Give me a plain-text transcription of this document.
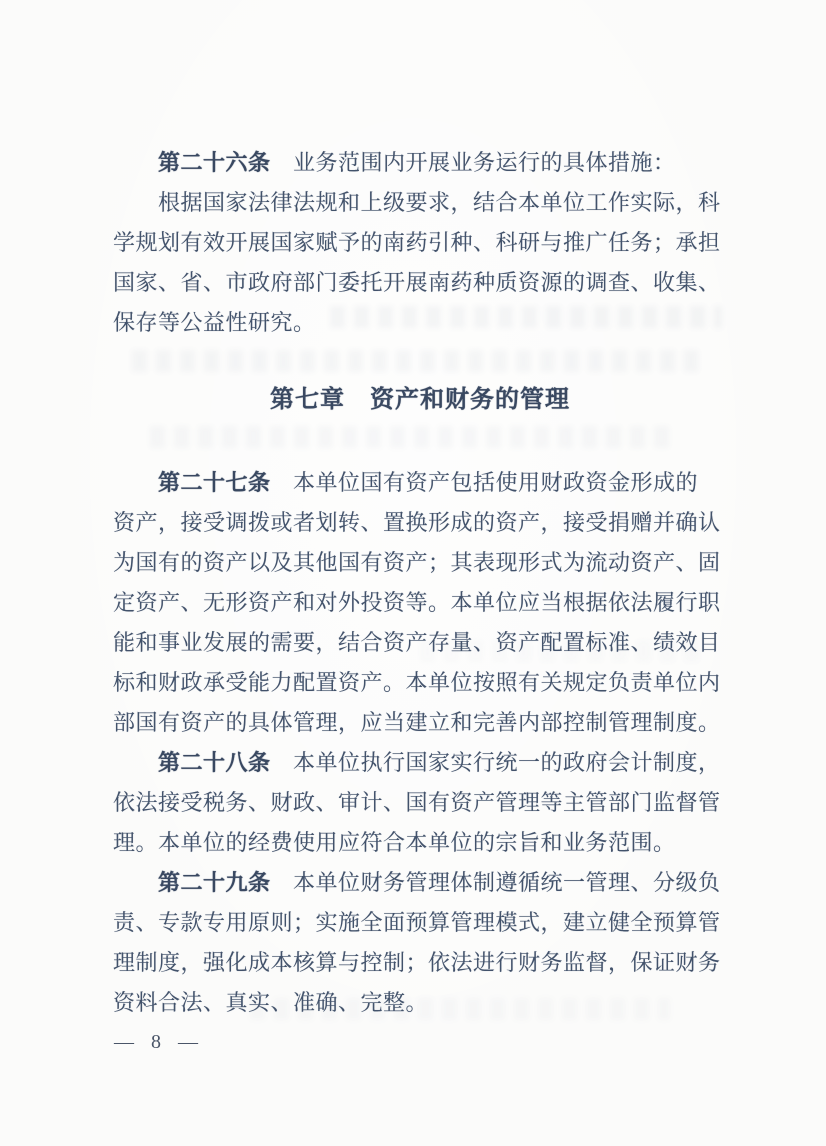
　　第二十六条　业务范围内开展业务运行的具体措施：
　　根据国家法律法规和上级要求，结合本单位工作实际，科
学规划有效开展国家赋予的南药引种、科研与推广任务；承担
国家、省、市政府部门委托开展南药种质资源的调查、收集、
保存等公益性研究。
第七章　资产和财务的管理
　　第二十七条　本单位国有资产包括使用财政资金形成的
资产，接受调拨或者划转、置换形成的资产，接受捐赠并确认
为国有的资产以及其他国有资产；其表现形式为流动资产、固
定资产、无形资产和对外投资等。本单位应当根据依法履行职
能和事业发展的需要，结合资产存量、资产配置标准、绩效目
标和财政承受能力配置资产。本单位按照有关规定负责单位内
部国有资产的具体管理，应当建立和完善内部控制管理制度。
　　第二十八条　本单位执行国家实行统一的政府会计制度，
依法接受税务、财政、审计、国有资产管理等主管部门监督管
理。本单位的经费使用应符合本单位的宗旨和业务范围。
　　第二十九条　本单位财务管理体制遵循统一管理、分级负
责、专款专用原则；实施全面预算管理模式，建立健全预算管
理制度，强化成本核算与控制；依法进行财务监督，保证财务
资料合法、真实、准确、完整。
— 8 —
